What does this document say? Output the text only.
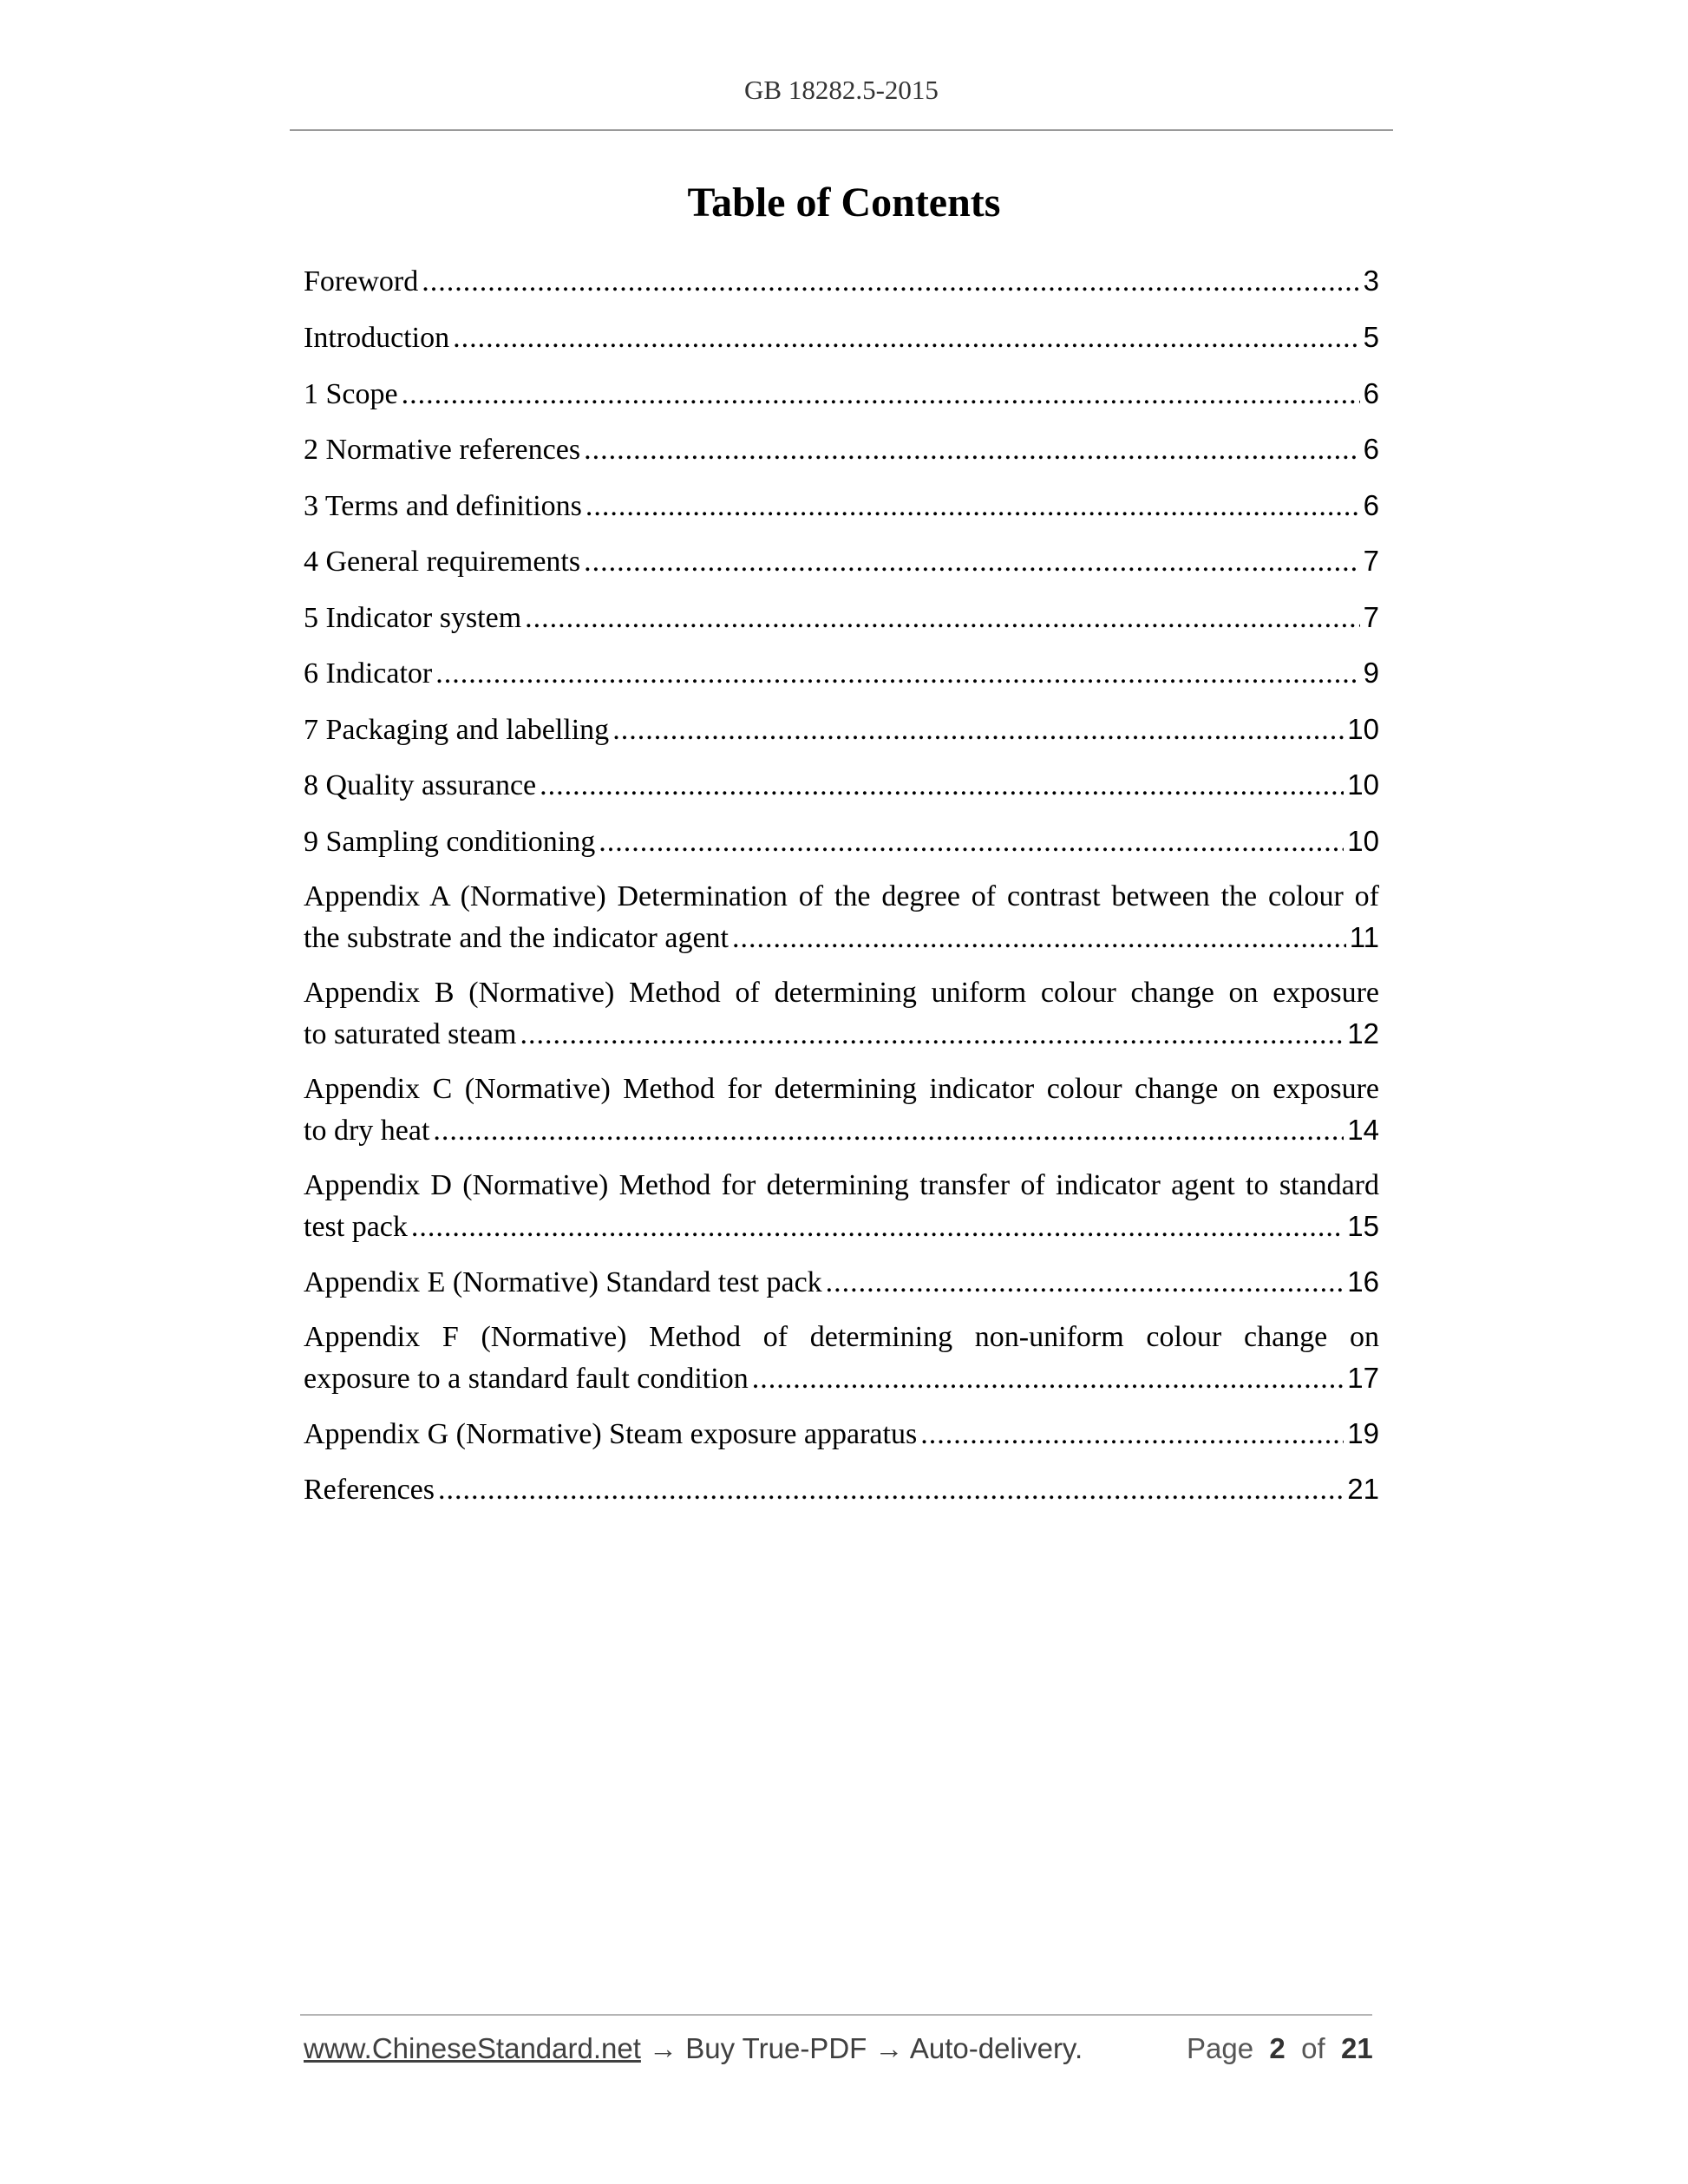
GB 18282.5-2015
Table of Contents
Foreword .....	3
Introduction .....	5
1 Scope .....	6
2 Normative references .....	6
3 Terms and definitions .....	6
4 General requirements .....	7
5 Indicator system .....	7
6 Indicator .....	9
7 Packaging and labelling .....	10
8 Quality assurance .....	10
9 Sampling conditioning .....	10
Appendix A (Normative) Determination of the degree of contrast between the colour of
the substrate and the indicator agent .....	11
Appendix B (Normative) Method of determining uniform colour change on exposure
to saturated steam .....	12
Appendix C (Normative) Method for determining indicator colour change on exposure
to dry heat .....	14
Appendix D (Normative) Method for determining transfer of indicator agent to standard
test pack .....	15
Appendix E (Normative) Standard test pack .....	16
Appendix F (Normative) Method of determining non-uniform colour change on
exposure to a standard fault condition .....	17
Appendix G (Normative) Steam exposure apparatus .....	19
References .....	21
www.ChineseStandard.net → Buy True-PDF → Auto-delivery.	Page 2 of 21
